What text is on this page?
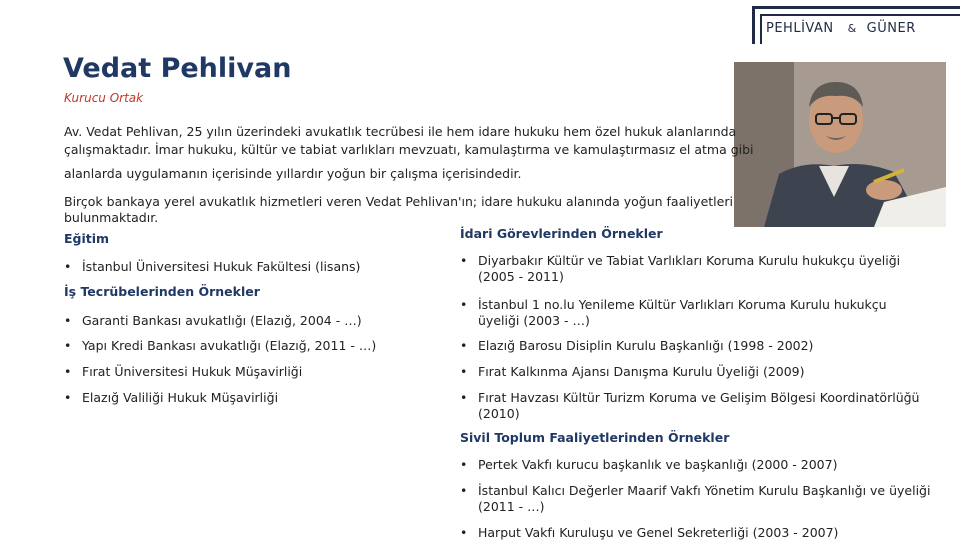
PEHLİVAN & GÜNER
Vedat Pehlivan
Kurucu Ortak
Av. Vedat Pehlivan, 25 yılın üzerindeki avukatlık tecrübesi ile hem idare hukuku hem özel hukuk alanlarında
çalışmaktadır. İmar hukuku, kültür ve tabiat varlıkları mevzuatı, kamulaştırma ve kamulaştırmasız el atma gibi
alanlarda uygulamanın içerisinde yıllardır yoğun bir çalışma içerisindedir.
Birçok bankaya yerel avukatlık hizmetleri veren Vedat Pehlivan'ın; idare hukuku alanında yoğun faaliyetleri
bulunmaktadır.
Eğitim
• İstanbul Üniversitesi Hukuk Fakültesi (lisans)
İş Tecrübelerinden Örnekler
• Garanti Bankası avukatlığı (Elazığ, 2004 - …)
• Yapı Kredi Bankası avukatlığı (Elazığ, 2011 - …)
• Fırat Üniversitesi Hukuk Müşavirliği
• Elazığ Valiliği Hukuk Müşavirliği
İdari Görevlerinden Örnekler
• Diyarbakır Kültür ve Tabiat Varlıkları Koruma Kurulu hukukçu üyeliği
(2005 - 2011)
• İstanbul 1 no.lu Yenileme Kültür Varlıkları Koruma Kurulu hukukçu
üyeliği (2003 - …)
• Elazığ Barosu Disiplin Kurulu Başkanlığı (1998 - 2002)
• Fırat Kalkınma Ajansı Danışma Kurulu Üyeliği (2009)
• Fırat Havzası Kültür Turizm Koruma ve Gelişim Bölgesi Koordinatörlüğü
(2010)
Sivil Toplum Faaliyetlerinden Örnekler
• Pertek Vakfı kurucu başkanlık ve başkanlığı (2000 - 2007)
• İstanbul Kalıcı Değerler Maarif Vakfı Yönetim Kurulu Başkanlığı ve üyeliği
(2011 - …)
• Harput Vakfı Kuruluşu ve Genel Sekreterliği (2003 - 2007)
